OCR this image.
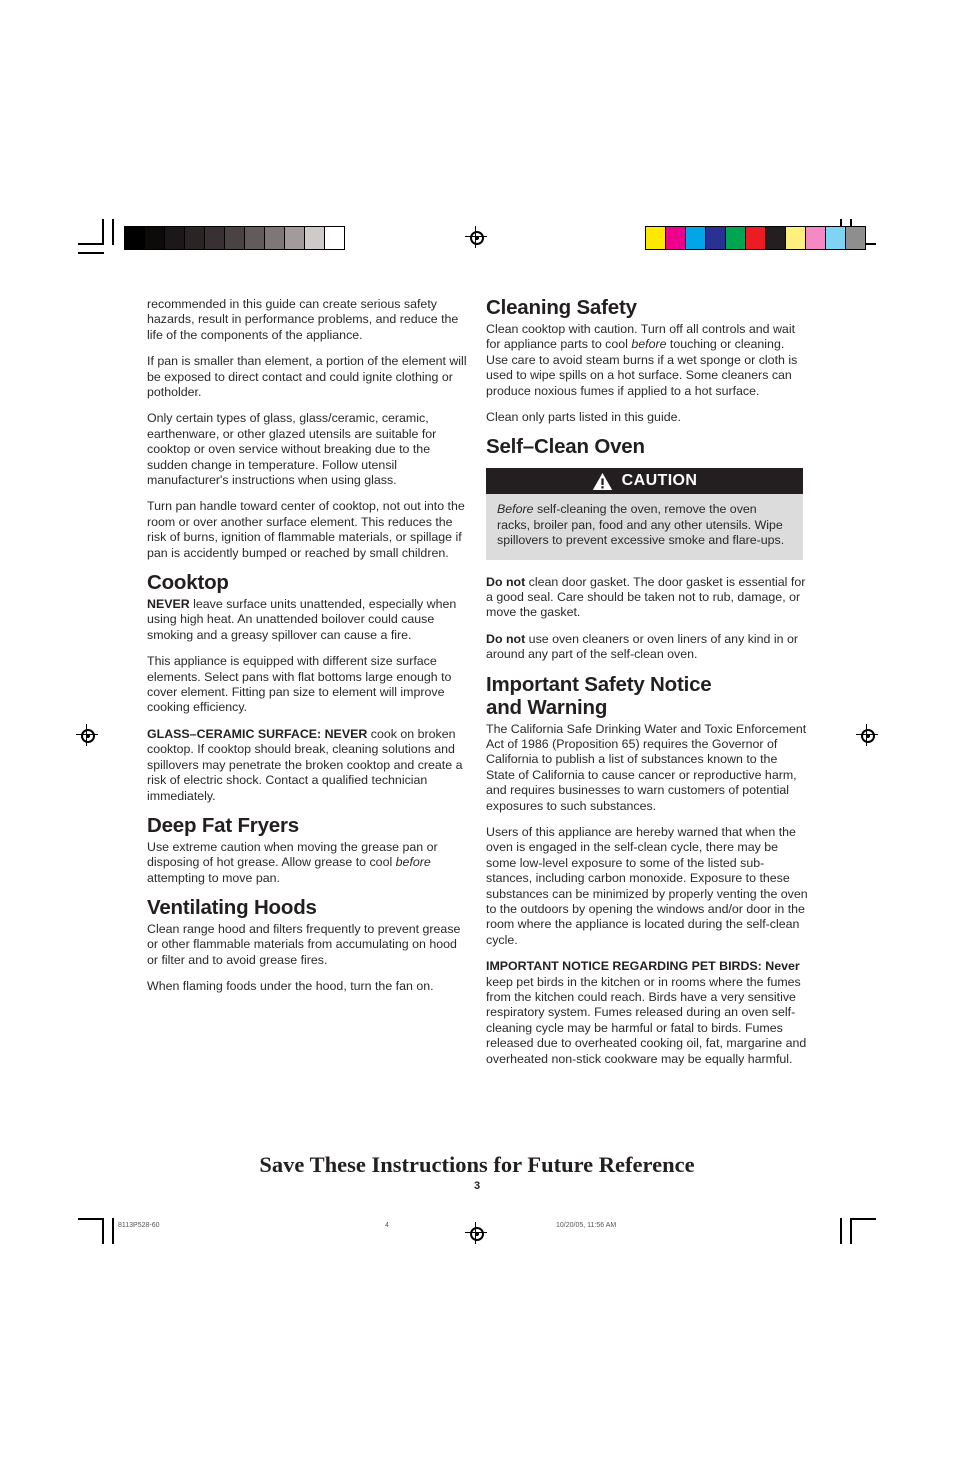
recommended in this guide can create serious safety hazards, result in performance problems, and reduce the life of the components of the appliance.

If pan is smaller than element, a portion of the element will be exposed to direct contact and could ignite clothing or potholder.

Only certain types of glass, glass/ceramic, ceramic, earthenware, or other glazed utensils are suitable for cooktop or oven service without breaking due to the sudden change in temperature. Follow utensil manufacturer's instructions when using glass.

Turn pan handle toward center of cooktop, not out into the room or over another surface element. This reduces the risk of burns, ignition of flammable materials, or spillage if pan is accidently bumped or reached by small children.

Cooktop

NEVER leave surface units unattended, especially when using high heat. An unattended boilover could cause smoking and a greasy spillover can cause a fire.

This appliance is equipped with different size surface elements. Select pans with flat bottoms large enough to cover element. Fitting pan size to element will improve cooking efficiency.

GLASS–CERAMIC SURFACE: NEVER cook on broken cooktop. If cooktop should break, cleaning solutions and spillovers may penetrate the broken cooktop and create a risk of electric shock. Contact a qualified technician immediately.

Deep Fat Fryers

Use extreme caution when moving the grease pan or disposing of hot grease. Allow grease to cool before attempting to move pan.

Ventilating Hoods

Clean range hood and filters frequently to prevent grease or other flammable materials from accumulating on hood or filter and to avoid grease fires.

When flaming foods under the hood, turn the fan on.

Cleaning Safety

Clean cooktop with caution. Turn off all controls and wait for appliance parts to cool before touching or cleaning. Use care to avoid steam burns if a wet sponge or cloth is used to wipe spills on a hot surface. Some cleaners can produce noxious fumes if applied to a hot surface.

Clean only parts listed in this guide.

Self–Clean Oven
CAUTION

Before self-cleaning the oven, remove the oven racks, broiler pan, food and any other utensils. Wipe spillovers to prevent excessive smoke and flare-ups.

Do not clean door gasket. The door gasket is essential for a good seal. Care should be taken not to rub, damage, or move the gasket.

Do not use oven cleaners or oven liners of any kind in or around any part of the self-clean oven.

Important Safety Notice
and Warning

The California Safe Drinking Water and Toxic Enforcement Act of 1986 (Proposition 65) requires the Governor of California to publish a list of substances known to the State of California to cause cancer or reproductive harm, and requires businesses to warn customers of potential exposures to such substances.

Users of this appliance are hereby warned that when the oven is engaged in the self-clean cycle, there may be some low-level exposure to some of the listed sub-stances, including carbon monoxide. Exposure to these substances can be minimized by properly venting the oven to the outdoors by opening the windows and/or door in the room where the appliance is located during the self-clean cycle.

IMPORTANT NOTICE REGARDING PET BIRDS: Never keep pet birds in the kitchen or in rooms where the fumes from the kitchen could reach. Birds have a very sensitive respiratory system. Fumes released during an oven self-cleaning cycle may be harmful or fatal to birds. Fumes released due to overheated cooking oil, fat, margarine and overheated non-stick cookware may be equally harmful.

Save These Instructions for Future Reference
3
8113P528-60	4	10/20/05, 11:56 AM
